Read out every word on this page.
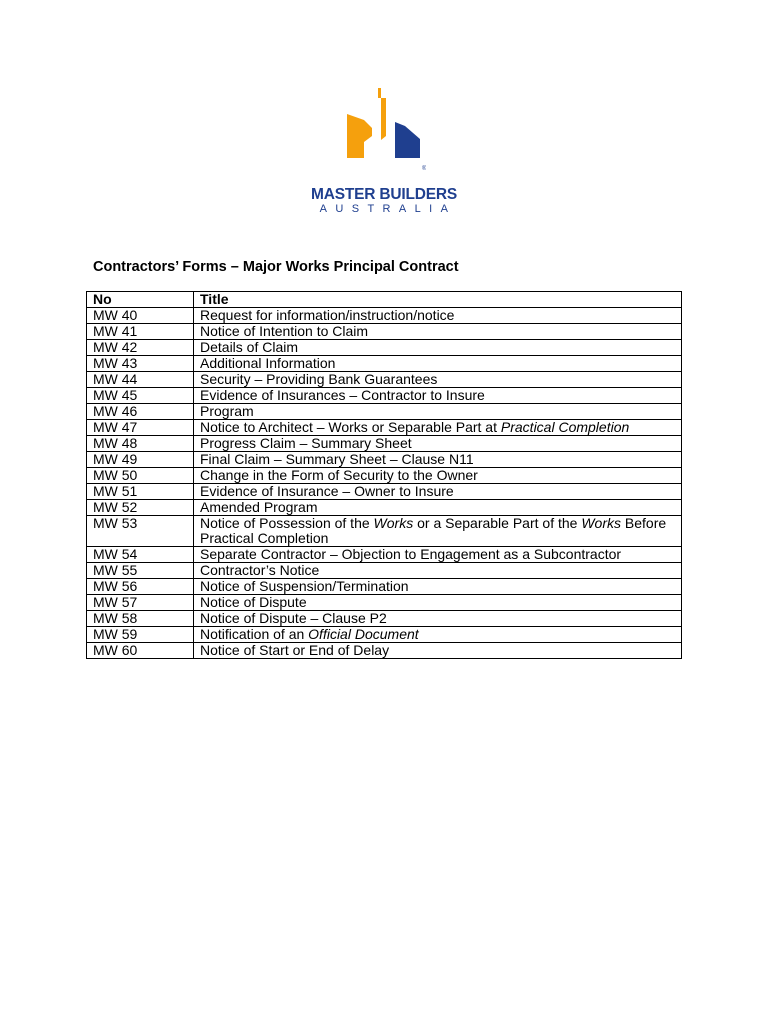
®
MASTER BUILDERS
AUSTRALIA
Contractors’ Forms – Major Works Principal Contract
No	Title
MW 40	Request for information/instruction/notice
MW 41	Notice of Intention to Claim
MW 42	Details of Claim
MW 43	Additional Information
MW 44	Security – Providing Bank Guarantees
MW 45	Evidence of Insurances – Contractor to Insure
MW 46	Program
MW 47	Notice to Architect – Works or Separable Part at Practical Completion
MW 48	Progress Claim – Summary Sheet
MW 49	Final Claim – Summary Sheet – Clause N11
MW 50	Change in the Form of Security to the Owner
MW 51	Evidence of Insurance – Owner to Insure
MW 52	Amended Program
MW 53	Notice of Possession of the Works or a Separable Part of the Works Before Practical Completion
MW 54	Separate Contractor – Objection to Engagement as a Subcontractor
MW 55	Contractor’s Notice
MW 56	Notice of Suspension/Termination
MW 57	Notice of Dispute
MW 58	Notice of Dispute – Clause P2
MW 59	Notification of an Official Document
MW 60	Notice of Start or End of Delay
